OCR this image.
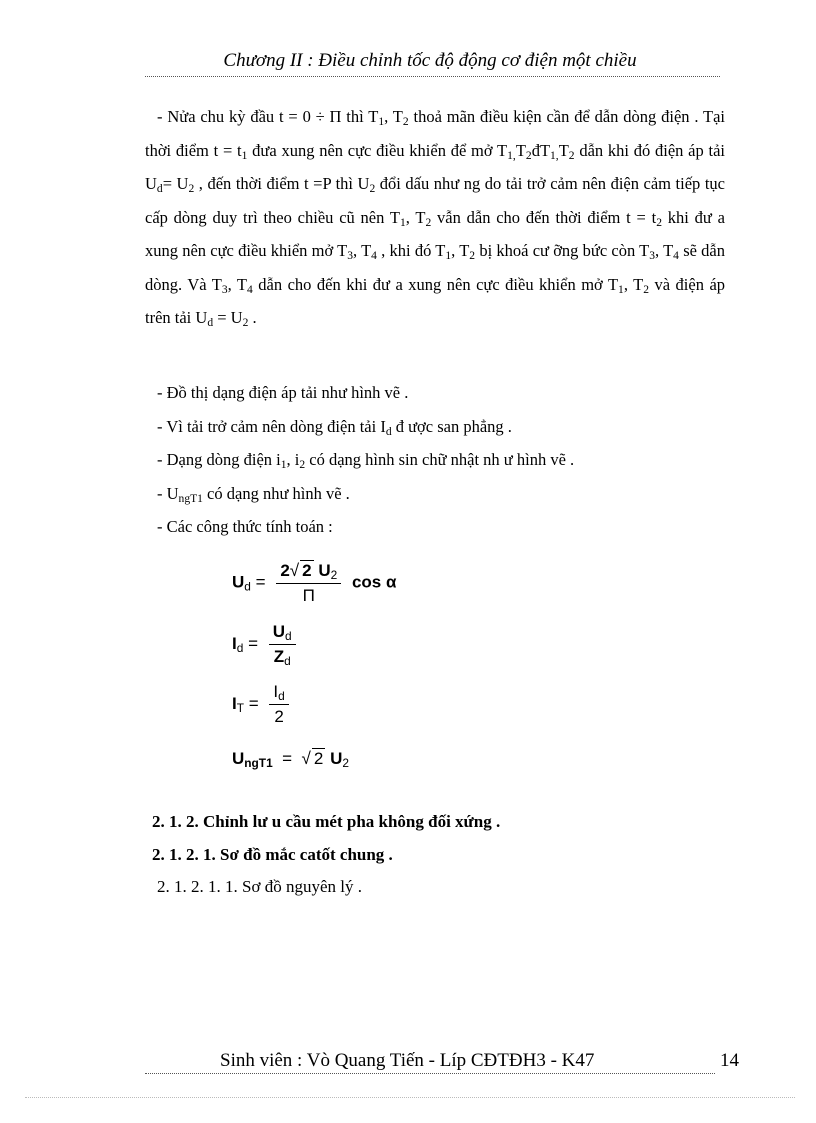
Chương II : Điều chỉnh tốc độ động cơ điện một chiều

- Nửa chu kỳ đầu t = 0 ÷ Π thì $T_1$, $T_2$ thoả mãn điều kiện cần để dẫn dòng điện . Tại thời điểm $t = t_1$ đưa xung nên cực điều khiển để mở $T_{1,}T_2đT_{1,}T_2$ dẫn khi đó điện áp tải $U_d= U_2$ , đến thời điểm t =P thì $U_2$ đổi dấu như ng do tải trở cảm nên điện cảm tiếp tục cấp dòng duy trì theo chiều cũ nên $T_1$, $T_2$ vẫn dẫn cho đến thời điểm $t = t_2$ khi đư a xung nên cực điều khiển mở $T_3$, $T_4$ , khi đó $T_1$, $T_2$ bị khoá cư ỡng bức còn $T_3$, $T_4$ sẽ dẫn dòng. Và $T_3$, $T_4$ dẫn cho đến khi đư a xung nên cực điều khiển mở $T_1$, $T_2$ và điện áp trên tải $U_d = U_2$ .

- Đồ thị dạng điện áp tải như hình vẽ .
- Vì tải trở cảm nên dòng điện tải $I_d$ đ ược san phẳng .
- Dạng dòng điện $i_1$, $i_2$ có dạng hình sin chữ nhật nh ư hình vẽ .
- $U_{ngT1}$ có dạng như hình vẽ .
- Các công thức tính toán :
$U_d = \frac{2√ 2 U_2}{\Pi}$ cos α
$I_d = \frac{U_d}{Z_d}$
$I_T = \frac{I_d}{2}$
$U_{ngT1}$ = √ 2 $U_2$
2. 1. 2. Chỉnh lư u cầu mét pha không đối xứng .
2. 1. 2. 1. Sơ đồ mắc catốt chung .
2. 1. 2. 1. 1. Sơ đồ nguyên lý .
Sinh viên : Vò Quang Tiến - Líp CĐTĐH3 - K47	14
